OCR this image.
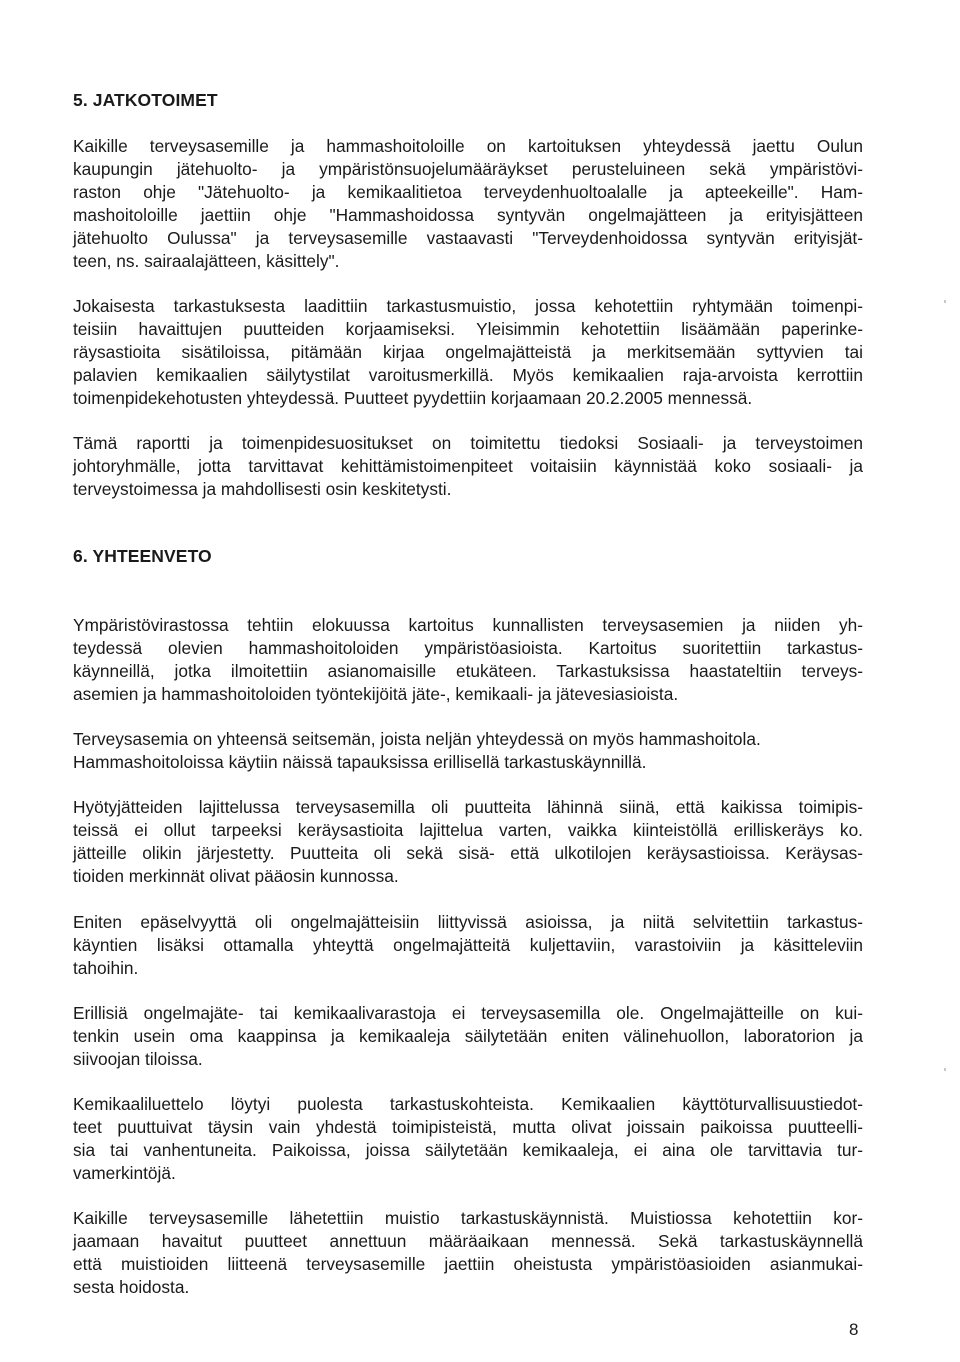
5. JATKOTOIMET

Kaikille terveysasemille ja hammashoitoloille on kartoituksen yhteydessä jaettu Oulun
kaupungin jätehuolto- ja ympäristönsuojelumääräykset perusteluineen sekä ympäristövi-
raston ohje "Jätehuolto- ja kemikaalitietoa terveydenhuoltoalalle ja apteekeille". Ham-
mashoitoloille jaettiin ohje "Hammashoidossa syntyvän ongelmajätteen ja erityisjätteen
jätehuolto Oulussa" ja terveysasemille vastaavasti "Terveydenhoidossa syntyvän erityisjät-
teen, ns. sairaalajätteen, käsittely".

Jokaisesta tarkastuksesta laadittiin tarkastusmuistio, jossa kehotettiin ryhtymään toimenpi-
teisiin havaittujen puutteiden korjaamiseksi. Yleisimmin kehotettiin lisäämään paperinke-
räysastioita sisätiloissa, pitämään kirjaa ongelmajätteistä ja merkitsemään syttyvien tai
palavien kemikaalien säilytystilat varoitusmerkillä. Myös kemikaalien raja-arvoista kerrottiin
toimenpidekehotusten yhteydessä. Puutteet pyydettiin korjaamaan 20.2.2005 mennessä.

Tämä raportti ja toimenpidesuositukset on toimitettu tiedoksi Sosiaali- ja terveystoimen
johtoryhmälle, jotta tarvittavat kehittämistoimenpiteet voitaisiin käynnistää koko sosiaali- ja
terveystoimessa ja mahdollisesti osin keskitetysti.

6. YHTEENVETO

Ympäristövirastossa tehtiin elokuussa kartoitus kunnallisten terveysasemien ja niiden yh-
teydessä olevien hammashoitoloiden ympäristöasioista. Kartoitus suoritettiin tarkastus-
käynneillä, jotka ilmoitettiin asianomaisille etukäteen. Tarkastuksissa haastateltiin terveys-
asemien ja hammashoitoloiden työntekijöitä jäte-, kemikaali- ja jätevesiasioista.

Terveysasemia on yhteensä seitsemän, joista neljän yhteydessä on myös hammashoitola.
Hammashoitoloissa käytiin näissä tapauksissa erillisellä tarkastuskäynnillä.

Hyötyjätteiden lajittelussa terveysasemilla oli puutteita lähinnä siinä, että kaikissa toimipis-
teissä ei ollut tarpeeksi keräysastioita lajittelua varten, vaikka kiinteistöllä erilliskeräys ko.
jätteille olikin järjestetty. Puutteita oli sekä sisä- että ulkotilojen keräysastioissa. Keräysas-
tioiden merkinnät olivat pääosin kunnossa.

Eniten epäselvyyttä oli ongelmajätteisiin liittyvissä asioissa, ja niitä selvitettiin tarkastus-
käyntien lisäksi ottamalla yhteyttä ongelmajätteitä kuljettaviin, varastoiviin ja käsitteleviin
tahoihin.

Erillisiä ongelmajäte- tai kemikaalivarastoja ei terveysasemilla ole. Ongelmajätteille on kui-
tenkin usein oma kaappinsa ja kemikaaleja säilytetään eniten välinehuollon, laboratorion ja
siivoojan tiloissa.

Kemikaaliluettelo löytyi puolesta tarkastuskohteista. Kemikaalien käyttöturvallisuustiedot-
teet puuttuivat täysin vain yhdestä toimipisteistä, mutta olivat joissain paikoissa puutteelli-
sia tai vanhentuneita. Paikoissa, joissa säilytetään kemikaaleja, ei aina ole tarvittavia tur-
vamerkintöjä.

Kaikille terveysasemille lähetettiin muistio tarkastuskäynnistä. Muistiossa kehotettiin kor-
jaamaan havaitut puutteet annettuun määräaikaan mennessä. Sekä tarkastuskäynnellä
että muistioiden liitteenä terveysasemille jaettiin oheistusta ympäristöasioiden asianmukai-
sesta hoidosta.

8
